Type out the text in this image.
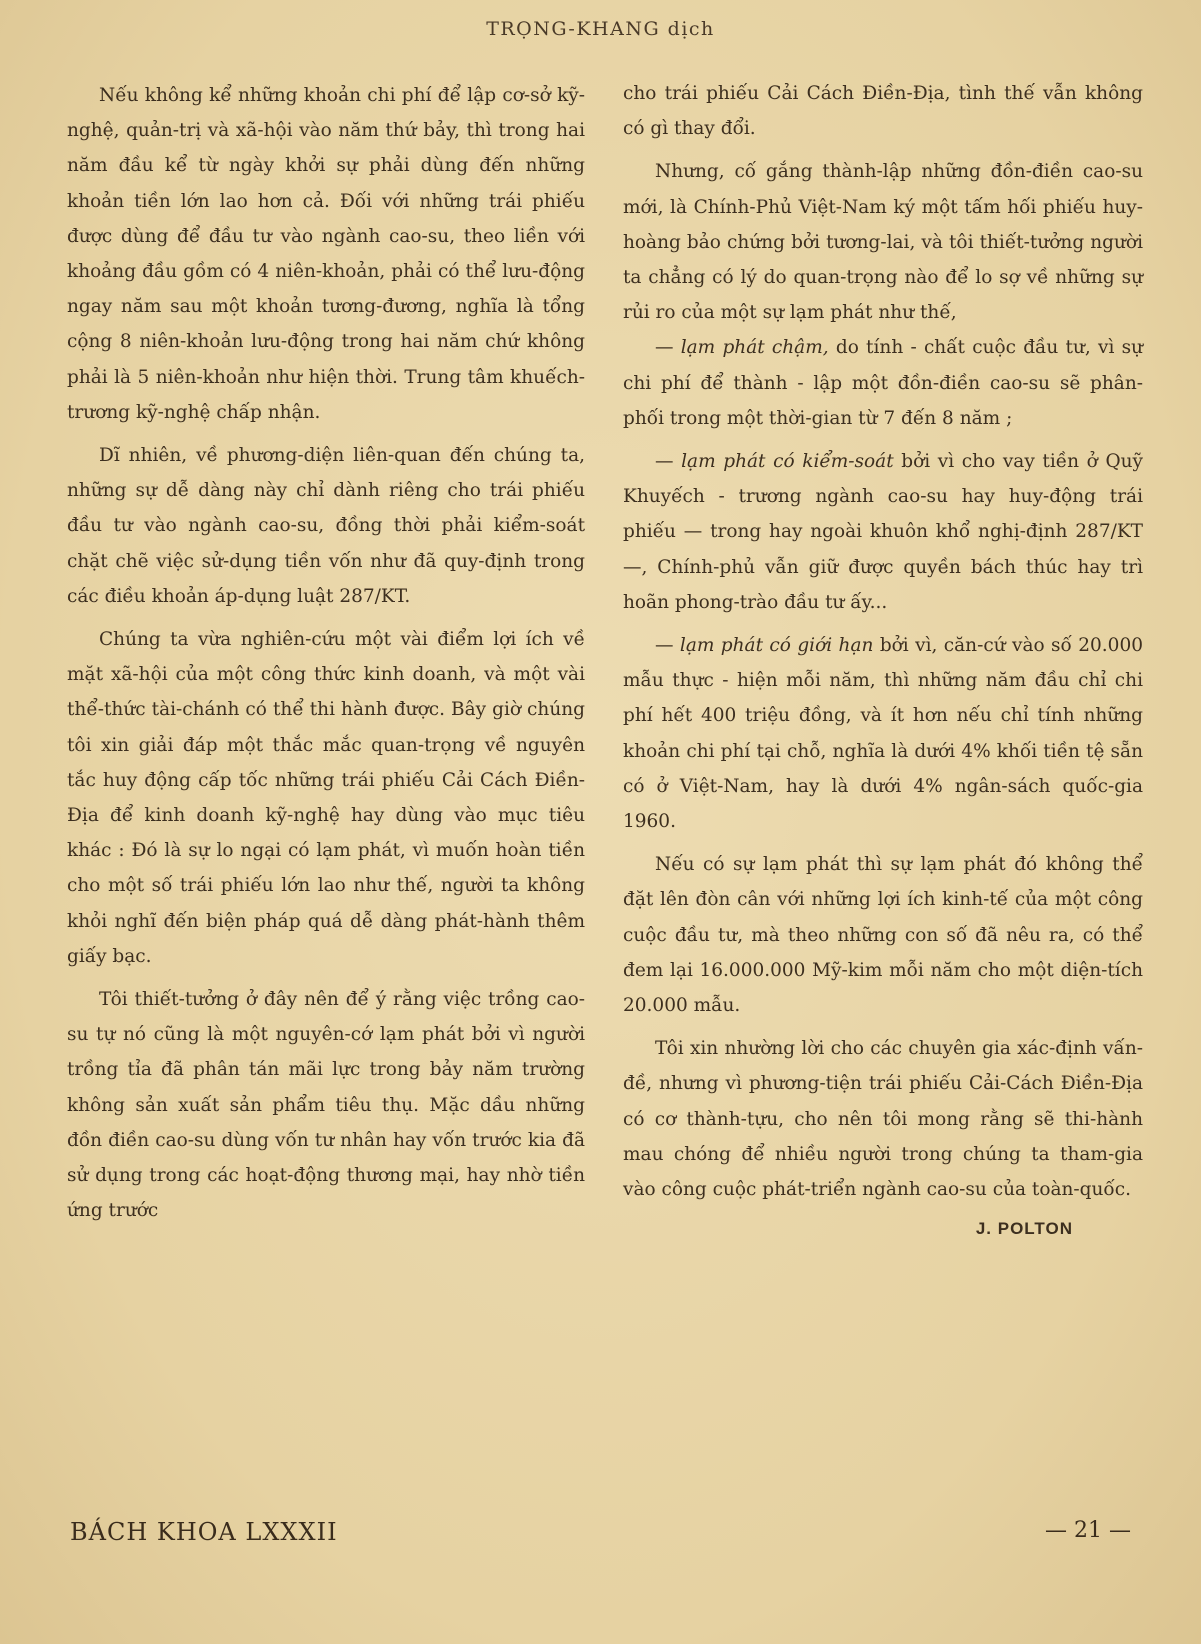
TRỌNG-KHANG dịch

Nếu không kể những khoản chi phí để lập cơ-sở kỹ-nghệ, quản-trị và xã-hội vào năm thứ bảy, thì trong hai năm đầu kể từ ngày khởi sự phải dùng đến những khoản tiền lớn lao hơn cả. Đối với những trái phiếu được dùng để đầu tư vào ngành cao-su, theo liền với khoảng đầu gồm có 4 niên-khoản, phải có thể lưu-động ngay năm sau một khoản tương-đương, nghĩa là tổng cộng 8 niên-khoản lưu-động trong hai năm chứ không phải là 5 niên-khoản như hiện thời. Trung tâm khuếch-trương kỹ-nghệ chấp nhận.

Dĩ nhiên, về phương-diện liên-quan đến chúng ta, những sự dễ dàng này chỉ dành riêng cho trái phiếu đầu tư vào ngành cao-su, đồng thời phải kiểm-soát chặt chẽ việc sử-dụng tiền vốn như đã quy-định trong các điều khoản áp-dụng luật 287/KT.

Chúng ta vừa nghiên-cứu một vài điểm lợi ích về mặt xã-hội của một công thức kinh doanh, và một vài thể-thức tài-chánh có thể thi hành được. Bây giờ chúng tôi xin giải đáp một thắc mắc quan-trọng về nguyên tắc huy động cấp tốc những trái phiếu Cải Cách Điền-Địa để kinh doanh kỹ-nghệ hay dùng vào mục tiêu khác : Đó là sự lo ngại có lạm phát, vì muốn hoàn tiền cho một số trái phiếu lớn lao như thế, người ta không khỏi nghĩ đến biện pháp quá dễ dàng phát-hành thêm giấy bạc.

Tôi thiết-tưởng ở đây nên để ý rằng việc trồng cao-su tự nó cũng là một nguyên-cớ lạm phát bởi vì người trồng tỉa đã phân tán mãi lực trong bảy năm trường không sản xuất sản phẩm tiêu thụ. Mặc dầu những đồn điền cao-su dùng vốn tư nhân hay vốn trước kia đã sử dụng trong các hoạt-động thương mại, hay nhờ tiền ứng trước

cho trái phiếu Cải Cách Điền-Địa, tình thế vẫn không có gì thay đổi.

Nhưng, cố gắng thành-lập những đồn-điền cao-su mới, là Chính-Phủ Việt-Nam ký một tấm hối phiếu huy-hoàng bảo chứng bởi tương-lai, và tôi thiết-tưởng người ta chẳng có lý do quan-trọng nào để lo sợ về những sự rủi ro của một sự lạm phát như thế,

— lạm phát chậm, do tính - chất cuộc đầu tư, vì sự chi phí để thành - lập một đồn-điền cao-su sẽ phân-phối trong một thời-gian từ 7 đến 8 năm ;

— lạm phát có kiểm-soát bởi vì cho vay tiền ở Quỹ Khuyếch - trương ngành cao-su hay huy-động trái phiếu — trong hay ngoài khuôn khổ nghị-định 287/KT —, Chính-phủ vẫn giữ được quyền bách thúc hay trì hoãn phong-trào đầu tư ấy...

— lạm phát có giới hạn bởi vì, căn-cứ vào số 20.000 mẫu thực - hiện mỗi năm, thì những năm đầu chỉ chi phí hết 400 triệu đồng, và ít hơn nếu chỉ tính những khoản chi phí tại chỗ, nghĩa là dưới 4% khối tiền tệ sẵn có ở Việt-Nam, hay là dưới 4% ngân-sách quốc-gia 1960.

Nếu có sự lạm phát thì sự lạm phát đó không thể đặt lên đòn cân với những lợi ích kinh-tế của một công cuộc đầu tư, mà theo những con số đã nêu ra, có thể đem lại 16.000.000 Mỹ-kim mỗi năm cho một diện-tích 20.000 mẫu.

Tôi xin nhường lời cho các chuyên gia xác-định vấn-đề, nhưng vì phương-tiện trái phiếu Cải-Cách Điền-Địa có cơ thành-tựu, cho nên tôi mong rằng sẽ thi-hành mau chóng để nhiều người trong chúng ta tham-gia vào công cuộc phát-triển ngành cao-su của toàn-quốc.

J. POLTON
BÁCH KHOA LXXXII	— 21 —
